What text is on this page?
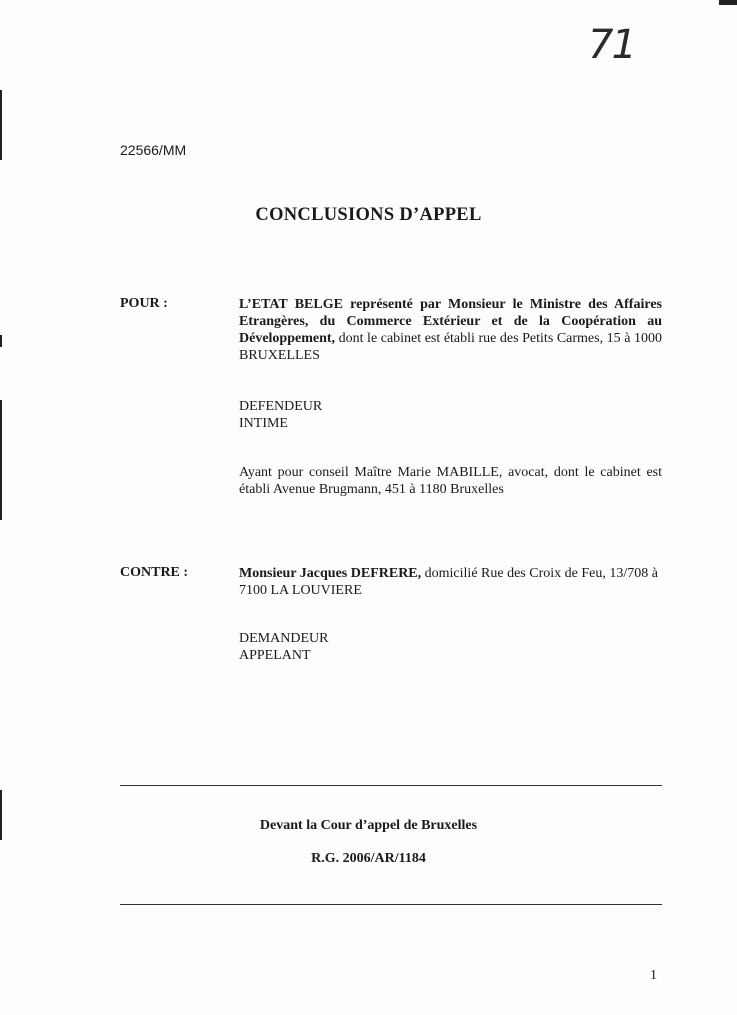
71
22566/MM
CONCLUSIONS D’APPEL
POUR :	L’ETAT BELGE représenté par Monsieur le Ministre des Affaires Etrangères, du Commerce Extérieur et de la Coopération au Développement, dont le cabinet est établi rue des Petits Carmes, 15 à 1000 BRUXELLES
DEFENDEUR
INTIME
Ayant pour conseil Maître Marie MABILLE, avocat, dont le cabinet est établi Avenue Brugmann, 451 à 1180 Bruxelles
CONTRE :	Monsieur Jacques DEFRERE, domicilié Rue des Croix de Feu, 13/708 à 7100 LA LOUVIERE
DEMANDEUR
APPELANT
Devant la Cour d’appel de Bruxelles
R.G. 2006/AR/1184
1
